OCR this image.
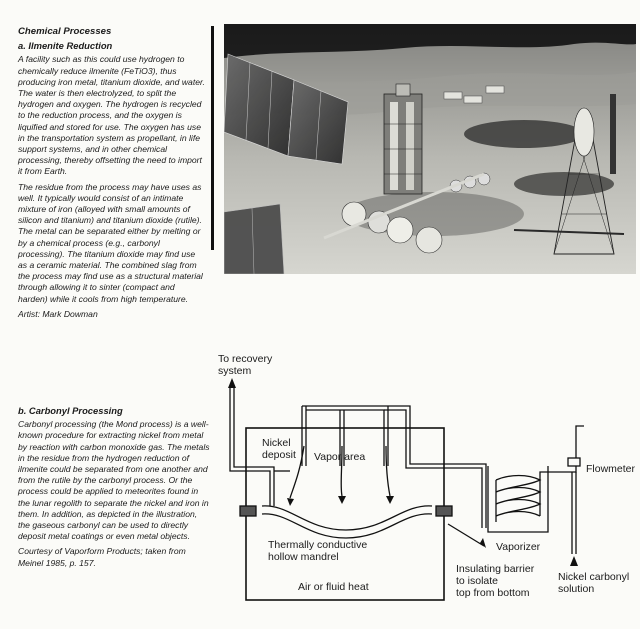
Chemical Processes
a. Ilmenite Reduction

A facility such as this could use hydrogen to chemically reduce ilmenite (FeTiO3), thus producing iron metal, titanium dioxide, and water. The water is then electrolyzed, to split the hydrogen and oxygen. The hydrogen is recycled to the reduction process, and the oxygen is liquified and stored for use. The oxygen has use in the transportation system as propellant, in life support systems, and in other chemical processing, thereby offsetting the need to import it from Earth.

The residue from the process may have uses as well. It typically would consist of an intimate mixture of iron (alloyed with small amounts of silicon and titanium) and titanium dioxide (rutile). The metal can be separated either by melting or by a chemical process (e.g., carbonyl processing). The titanium dioxide may find use as a ceramic material. The combined slag from the process may find use as a structural material through allowing it to sinter (compact and harden) while it cools from high temperature.

Artist: Mark Dowman
b. Carbonyl Processing

Carbonyl processing (the Mond process) is a well-known procedure for extracting nickel from metal by reaction with carbon monoxide gas. The metals in the residue from the hydrogen reduction of ilmenite could be separated from one another and from the rutile by the carbonyl process. Or the process could be applied to meteorites found in the lunar regolith to separate the nickel and iron in them. In addition, as depicted in the illustration, the gaseous carbonyl can be used to directly deposit metal coatings or even metal objects.

Courtesy of Vaporform Products; taken from Meinel 1985, p. 157.

To recovery
system
Nickel
deposit Vapor area
Thermally conductive
hollow mandrel
Air or fluid heat
Insulating barrier
to isolate
top from bottom
Vaporizer
Flowmeter
Nickel carbonyl
solution
